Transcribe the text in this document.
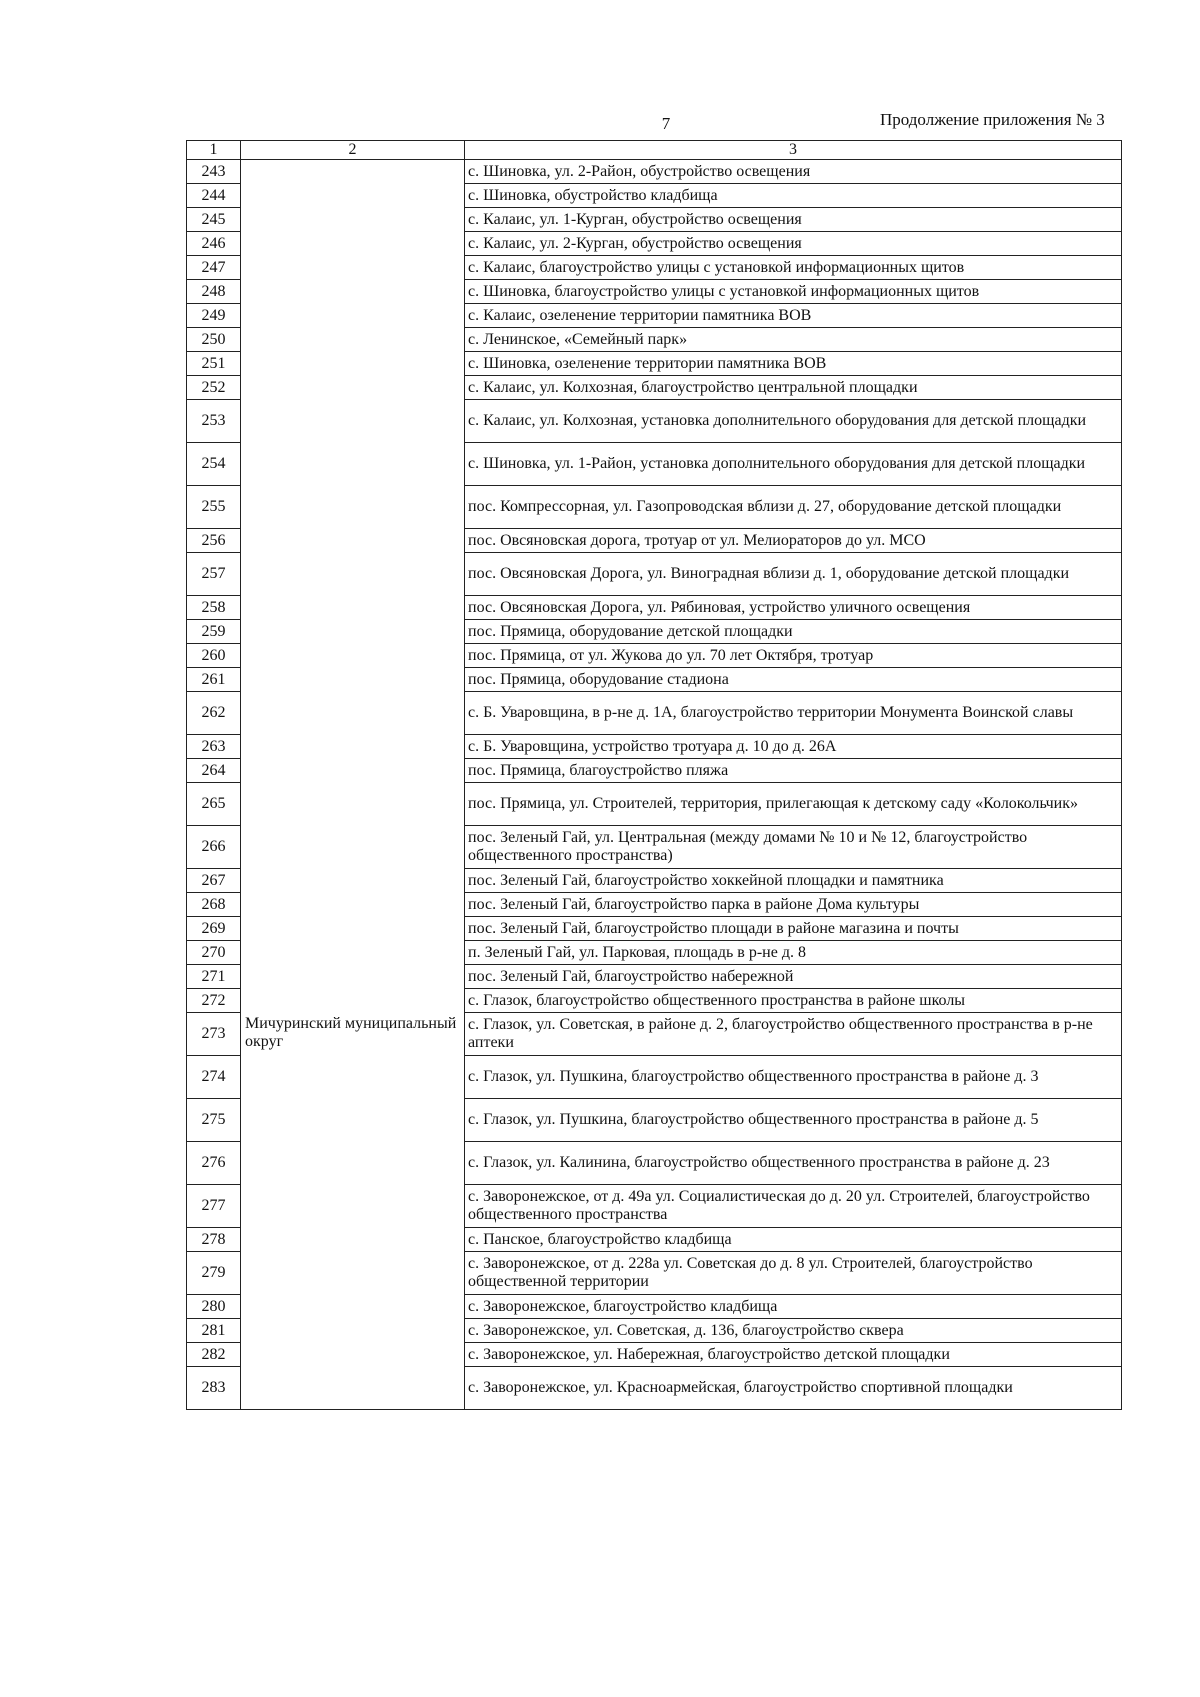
7	Продолжение приложения № 3
1	2	3
243		с. Шиновка, ул. 2-Район, обустройство освещения
244		с. Шиновка, обустройство кладбища
245		с. Калаис, ул. 1-Курган, обустройство освещения
246		с. Калаис, ул. 2-Курган, обустройство освещения
247		с. Калаис, благоустройство улицы с установкой информационных щитов
248		с. Шиновка, благоустройство улицы с установкой информационных щитов
249		с. Калаис, озеленение территории памятника ВОВ
250		с. Ленинское, «Семейный парк»
251		с. Шиновка, озеленение территории памятника ВОВ
252		с. Калаис, ул. Колхозная, благоустройство центральной площадки
253		с. Калаис, ул. Колхозная, установка дополнительного оборудования для детской площадки
254		с. Шиновка, ул. 1-Район, установка дополнительного оборудования для детской площадки
255		пос. Компрессорная, ул. Газопроводская вблизи д. 27, оборудование детской площадки
256		пос. Овсяновская дорога, тротуар от ул. Мелиораторов до ул. МСО
257		пос. Овсяновская Дорога, ул. Виноградная вблизи д. 1, оборудование детской площадки
258		пос. Овсяновская Дорога, ул. Рябиновая, устройство уличного освещения
259		пос. Прямица, оборудование детской площадки
260		пос. Прямица, от ул. Жукова до ул. 70 лет Октября, тротуар
261		пос. Прямица, оборудование стадиона
262		с. Б. Уваровщина, в р-не д. 1А, благоустройство территории Монумента Воинской славы
263		с. Б. Уваровщина, устройство тротуара д. 10 до д. 26А
264		пос. Прямица, благоустройство пляжа
265		пос. Прямица, ул. Строителей, территория, прилегающая к детскому саду «Колокольчик»
266		пос. Зеленый Гай, ул. Центральная (между домами № 10 и № 12, благоустройство общественного пространства)
267		пос. Зеленый Гай, благоустройство хоккейной площадки и памятника
268		пос. Зеленый Гай, благоустройство парка в районе Дома культуры
269		пос. Зеленый Гай, благоустройство площади в районе магазина и почты
270		п. Зеленый Гай, ул. Парковая, площадь в р-не д. 8
271		пос. Зеленый Гай, благоустройство набережной
272		с. Глазок, благоустройство общественного пространства в районе школы
273	Мичуринский муниципальный округ	с. Глазок, ул. Советская, в районе д. 2, благоустройство общественного пространства в р-не аптеки
274		с. Глазок, ул. Пушкина, благоустройство общественного пространства в районе д. 3
275		с. Глазок, ул. Пушкина, благоустройство общественного пространства в районе д. 5
276		с. Глазок, ул. Калинина, благоустройство общественного пространства в районе д. 23
277		с. Заворонежское, от д. 49а ул. Социалистическая до д. 20 ул. Строителей, благоустройство общественного пространства
278		с. Панское, благоустройство кладбища
279		с. Заворонежское, от д. 228а ул. Советская до д. 8 ул. Строителей, благоустройство общественной территории
280		с. Заворонежское, благоустройство кладбища
281		с. Заворонежское, ул. Советская, д. 136, благоустройство сквера
282		с. Заворонежское, ул. Набережная, благоустройство детской площадки
283		с. Заворонежское, ул. Красноармейская, благоустройство спортивной площадки
